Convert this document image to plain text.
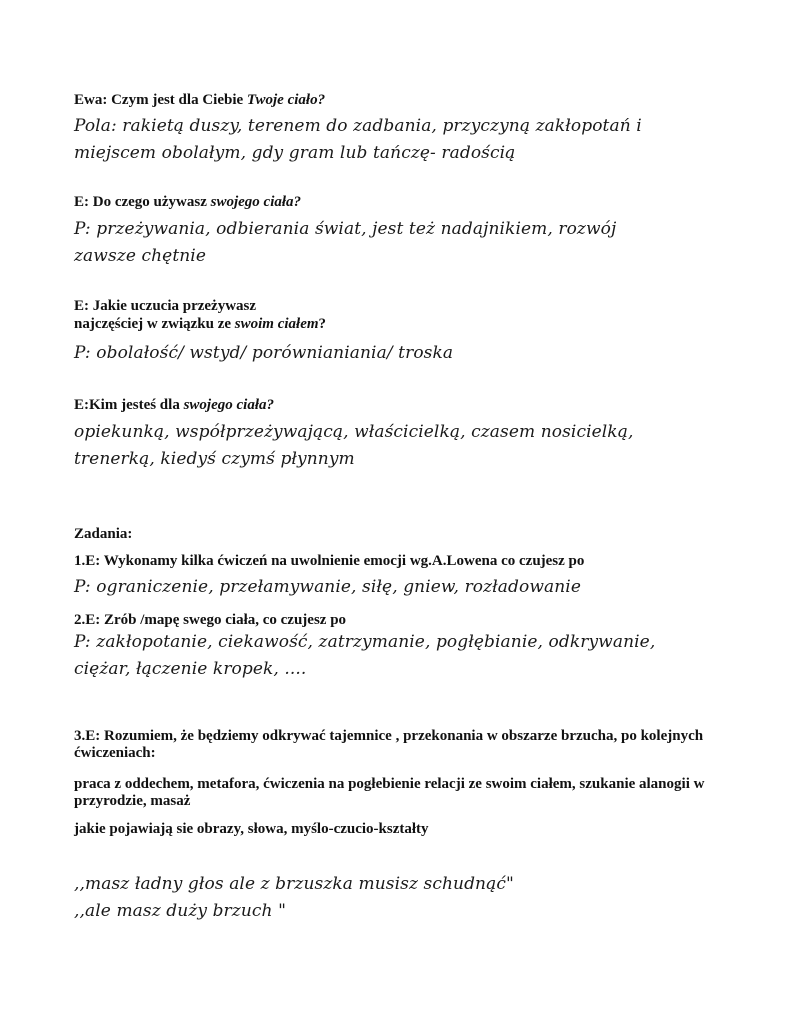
Ewa: Czym jest dla Ciebie Twoje ciało?
Pola: rakietą duszy, terenem do zadbania, przyczyną zakłopotań i
miejscem obolałym, gdy gram lub tańczę- radością
E: Do czego używasz swojego ciała?
P: przeżywania, odbierania świat, jest też nadajnikiem, rozwój
zawsze chętnie
E: Jakie uczucia przeżywasz
najczęściej w związku ze swoim ciałem?
P: obolałość/ wstyd/ porównianiania/ troska
E:Kim jesteś dla swojego ciała?
opiekunką, współprzeżywającą, właścicielką, czasem nosicielką,
trenerką, kiedyś czymś płynnym
Zadania:
1.E: Wykonamy kilka ćwiczeń na uwolnienie emocji wg.A.Lowena co czujesz po
P: ograniczenie, przełamywanie, siłę, gniew, rozładowanie
2.E: Zrób /mapę swego ciała, co czujesz po
P: zakłopotanie, ciekawość, zatrzymanie, pogłębianie, odkrywanie,
ciężar, łączenie kropek, ....
3.E: Rozumiem, że będziemy odkrywać tajemnice , przekonania w obszarze brzucha, po kolejnych ćwiczeniach:
praca z oddechem, metafora, ćwiczenia na pogłebienie relacji ze swoim ciałem, szukanie alanogii w przyrodzie, masaż
jakie pojawiają sie obrazy, słowa, myślo-czucio-kształty
,,masz ładny głos ale z brzuszka musisz schudnąć"
,,ale masz duży brzuch "
